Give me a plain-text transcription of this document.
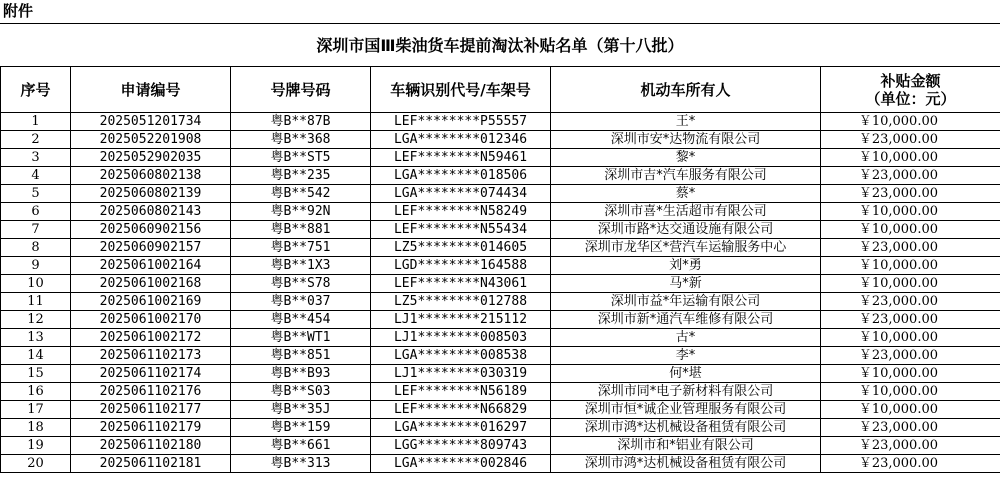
附件
深圳市国Ⅲ柴油货车提前淘汰补贴名单（第十八批）
序号	申请编号	号牌号码	车辆识别代号/车架号	机动车所有人	补贴金额
（单位：元）

1	2025051201734	粤B**87B	LEF********P55557	王*	￥10,000.00
2	2025052201908	粤B**368	LGA********012346	深圳市安*达物流有限公司	￥23,000.00
3	2025052902035	粤B**ST5	LEF********N59461	黎*	￥10,000.00
4	2025060802138	粤B**235	LGA********018506	深圳市吉*汽车服务有限公司	￥23,000.00
5	2025060802139	粤B**542	LGA********074434	蔡*	￥23,000.00
6	2025060802143	粤B**92N	LEF********N58249	深圳市喜*生活超市有限公司	￥10,000.00
7	2025060902156	粤B**881	LEF********N55434	深圳市路*达交通设施有限公司	￥10,000.00
8	2025060902157	粤B**751	LZ5********014605	深圳市龙华区*营汽车运输服务中心	￥23,000.00
9	2025061002164	粤B**1X3	LGD********164588	刘*勇	￥10,000.00
10	2025061002168	粤B**S78	LEF********N43061	马*新	￥10,000.00
11	2025061002169	粤B**037	LZ5********012788	深圳市益*年运输有限公司	￥23,000.00
12	2025061002170	粤B**454	LJ1********215112	深圳市新*通汽车维修有限公司	￥23,000.00
13	2025061002172	粤B**WT1	LJ1********008503	古*	￥10,000.00
14	2025061102173	粤B**851	LGA********008538	李*	￥23,000.00
15	2025061102174	粤B**B93	LJ1********030319	何*堪	￥10,000.00
16	2025061102176	粤B**S03	LEF********N56189	深圳市同*电子新材料有限公司	￥10,000.00
17	2025061102177	粤B**35J	LEF********N66829	深圳市恒*诚企业管理服务有限公司	￥10,000.00
18	2025061102179	粤B**159	LGA********016297	深圳市鸿*达机械设备租赁有限公司	￥23,000.00
19	2025061102180	粤B**661	LGG********809743	深圳市和*铝业有限公司	￥23,000.00
20	2025061102181	粤B**313	LGA********002846	深圳市鸿*达机械设备租赁有限公司	￥23,000.00
